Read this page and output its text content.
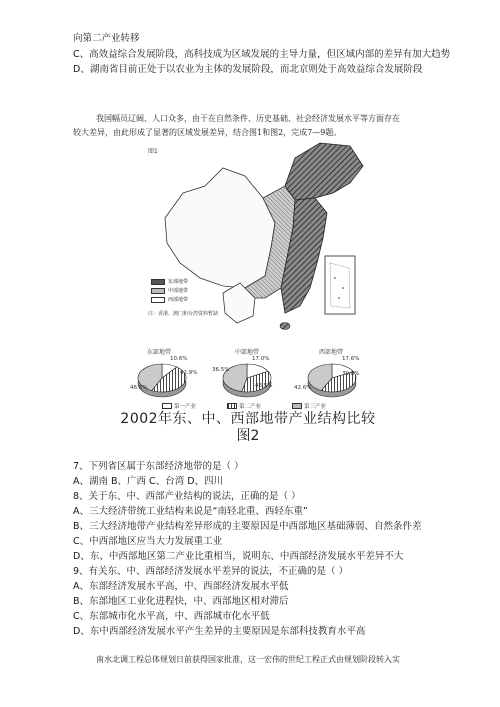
向第二产业转移
C、高效益综合发展阶段，高科技成为区域发展的主导力量，但区域内部的差异有加大趋势
D、湖南省目前正处于以农业为主体的发展阶段，而北京则处于高效益综合发展阶段
我国幅员辽阔、人口众多，由于在自然条件、历史基础、社会经济发展水平等方面存在
较大差异，由此形成了显著的区域发展差异，结合图1和图2，完成7—9题。
图1
东部地带
中部地带
西部地带
注：香港、澳门和台湾资料暂缺
东部地带	中部地带	西部地带
10.6%
42.9%
46.5%
17.0%
36.5%
46.5%
17.6%
39.8%
42.6%
第一产业	第二产业	第三产业
2002年东、中、西部地带产业结构比较
图2
7、下列省区属于东部经济地带的是（ ）
A、湖南 B、广西 C、台湾 D、四川
8、关于东、中、西部产业结构的说法，正确的是（ ）
A、三大经济带统工业结构来说是“南轻北重、西轻东重”
B、三大经济地带产业结构差异形成的主要原因是中西部地区基础薄弱、自然条件差
C、中西部地区应当大力发展重工业
D、东、中西部地区第二产业比重相当，说明东、中西部经济发展水平差异不大
9、有关东、中、西部经济发展水平差异的说法，不正确的是（ ）
A、东部经济发展水平高，中、西部经济发展水平低
B、东部地区工业化进程快，中、西部地区相对滞后
C、东部城市化水平高，中、西部城市化水平低
D、东中西部经济发展水平产生差异的主要原因是东部科技教育水平高
南水北调工程总体规划日前获得国家批准，这一宏伟的世纪工程正式由规划阶段转入实
